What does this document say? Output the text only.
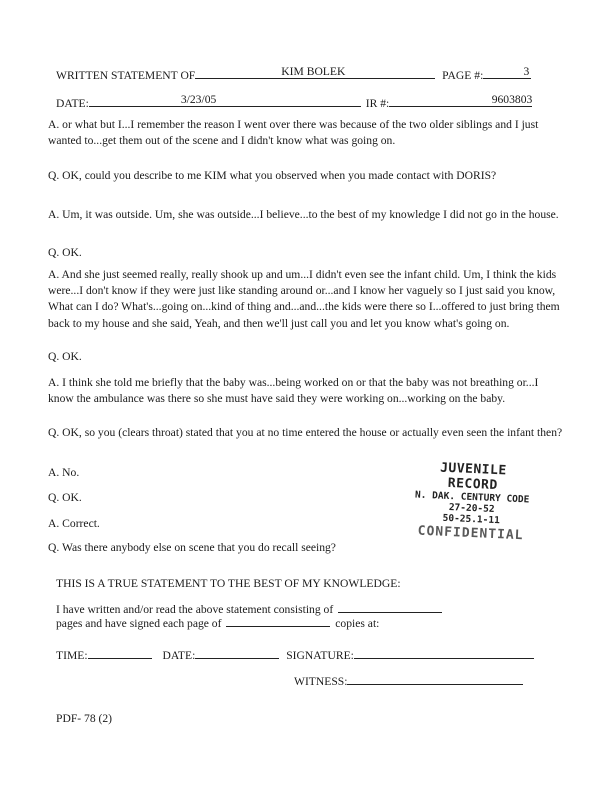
WRITTEN STATEMENT OF	KIM BOLEK	PAGE #:	3
DATE:	3/23/05	IR #:	9603803
A. or what but I...I remember the reason I went over there was because of the two older siblings and I just wanted to...get them out of the scene and I didn't know what was going on.
Q. OK, could you describe to me KIM what you observed when you made contact with DORIS?
A. Um, it was outside. Um, she was outside...I believe...to the best of my knowledge I did not go in the house.
Q. OK.
A. And she just seemed really, really shook up and um...I didn't even see the infant child. Um, I think the kids were...I don't know if they were just like standing around or...and I know her vaguely so I just said you know, What can I do? What's...going on...kind of thing and...and...the kids were there so I...offered to just bring them back to my house and she said, Yeah, and then we'll just call you and let you know what's going on.
Q. OK.
A. I think she told me briefly that the baby was...being worked on or that the baby was not breathing or...I know the ambulance was there so she must have said they were working on...working on the baby.
Q. OK, so you (clears throat) stated that you at no time entered the house or actually even seen the infant then?
A. No.
Q. OK.
A. Correct.
Q. Was there anybody else on scene that you do recall seeing?
JUVENILE RECORD
N. DAK. CENTURY CODE
27-20-52
50-25.1-11
CONFIDENTIAL
THIS IS A TRUE STATEMENT TO THE BEST OF MY KNOWLEDGE:
I have written and/or read the above statement consisting of
pages and have signed each page of	copies at:
TIME:	DATE:	SIGNATURE:
WITNESS:
PDF- 78 (2)
